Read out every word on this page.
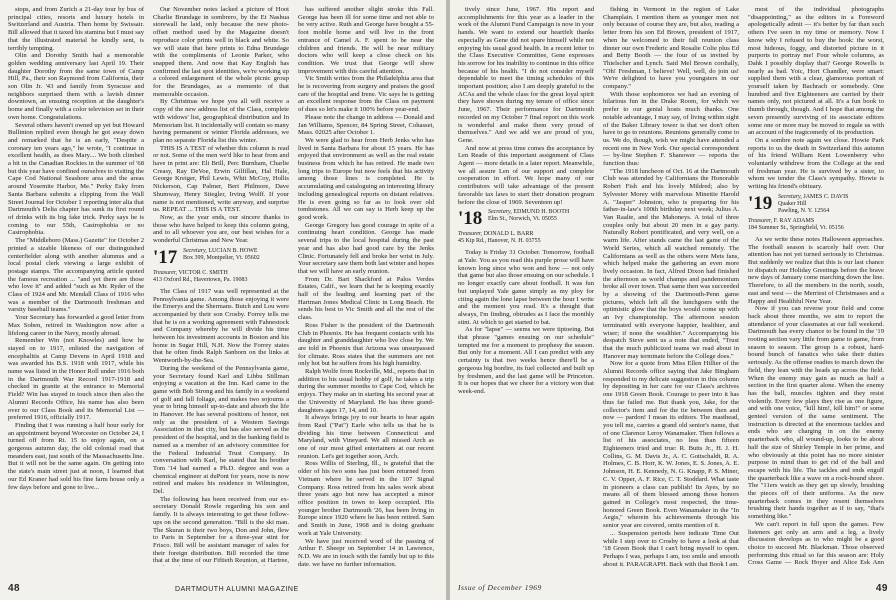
stops, and from Zurich a 21-day tour by bus of principal cities, resorts and luxury hotels in Switzerland and Austria. Then home by Swissair. Bill allowed that it taxed his stamina but I must say that the illustrated material he kindly sent, is terribly tempting.

Olin and Dorothy Smith had a memorable golden wedding anniversary last April 19. Their daughter Dorothy from the same town of Camp Hill, Pa., their son Raymond from California, their son Olin Jr. '43 and family from Syracuse and neighbors surprised them with a lavish dinner downtown, an ensuing reception at the daughter's home and finally with a color television set in their own home. Congratulations.

Several others haven't owned up yet but Howard Bullinton replied even though he got away down and remarked that he is an early, "Despite a coronary ten years ago," he wrote, "I continue in excellent health, as does Mary.... We both climbed a bit in the Canadian Rockies in the summer of '68 but this year have confined ourselves to visiting the Cape Cod National Seashore area and the areas around Yosemite Harbor, Me." Perky Esky from Santa Barbara submits a clipping from the Wall Street Journal for October 1 reporting inter alia that Dartmouth's Delta chapter has sunk its first round of drinks with its big fake trick. Perky says he is coming to our 55th, Castrophobia or no Castrophobia.

The "Middleboro (Mass.) Gazette" for October 2 printed a sizable likeness of our distinguished centerfielder along with another alumnus and a local postal clerk viewing a large exhibit of postage stamps. The accompanying article quoted the famous recreation ... "and yet there are those who love it" and added "such as Mr. Ryder of the Class of 1924 and Mr. Mendall Class of 1916 who was a member of the Dartmouth freshman and varsity baseball teams."

Your Secretary has forwarded a good letter from Max Soben, retired in Washington now after a lifelong career in the Navy, mostly abroad.

Remember Win (not Knowles) and how he stayed on to 1917, enlisted the navigation of encephalitis at Camp Devens in April 1918 and was awarded his B.S. 1918 with 1917, while his name was listed in the Honor Roll under 1916 both in the Dartmouth War Record 1917-1918 and checked in granite at the entrance to Memorial Field? Win has stayed in touch since then also the Alumni Records Office, his name has also been over to our Class Book and its Memorial List — preferred 1916, officially 1917.

Finding that I was running a half hour early for an appointment beyond Worcester on October 24, I turned off from Rt. 15 to enjoy again, on a gorgeous autumn day, the old colonial road that meanders east, just south of the Massachusetts line. But it will not be the same again. On getting into the state's main street just at noon, I learned that our Ed Kraner had sold his fine farm house only a few days before and gone to live...

Our November notes lacked a picture of Hoot Charlie Brundage in sombrero, by the Et Nashua storewall he laid, only because the new photo-offset method used by the Magazine doesn't reproduce color prints well in black and white. So we will state that here prints to Edna Brundage with the compliments of Leonie Parker, who snapped them. And now that Kay English has confirmed the last spot identities, we're working up a colored enlargement of the whole picnic group for the Brundages, as a memento of that memorable occasion.

By Christmas we hope you all will receive a copy of the new address list of the Class, complete with widows' list, geographical distribution and In Memoriam list. It incidentally will contain so many having permanent or winter Florida addresses, we plan no separate Florida list this winter.

THIS IS A TEST of whether this column is read or not. Some of the men we'd like to hear from and have in print are: Eli Brill, Perc Burnham, Charlie Creasy, Ray DeVoe, Erwin Gilfillan, Hal Hale, George Kreiger, Phil Lewis, Whit McCoy, Hollis Nickerson, Cap Palmer, Bert Philmore, Dave Shumway, Henry Stiegler, Irving Wolff. If your name is not mentioned, write anyway, and surprise us. REPEAT ... THIS IS A TEST.

Now, as the year ends, our sincere thanks to those who have helped to keep this column going, and to all whoever you are, our best wishes for a wonderful Christmas and New Year.

'17 Secretary, LUCIAN B. HOWE
Box 399, Montpelier, Vt. 05602
Treasurer, VICTOR C. SMITH
413 Oxford Rd., Havertown, Pa. 19083

The Class of 1917 was well represented at the Pennsylvania game. Among those enjoying it were the Emerys and the Shermans. Butch and Lou were accompanied by their son Crosby. Forrey tells me that he is on a working agreement with Fahnestock and Company whereby he will divide his time between his investment accounts in Boston and his home in Sugar Hill, N.H. Now the Forrey states that he often finds Ralph Sanborn on the links at Wentworth-by-the-Sea.

During the weekend of the Pennsylvania game, your Secretary found Karl and Libbu Stillman enjoying a vacation at the Inn. Karl came to the game with Bob Strong and his family in a weekend of golf and fall foliage, and makes two sojourns a year to bring himself up-to-date and absorb the life in Hanover. He has several positions of honor, not only as the president of a Western Savings Association in that city, but has also served as the president of the hospital, and in the banking field is named as a member of an advisory committee for the Federal Industrial Trust Company. In conversation with Karl, he stated that his brother Tom '14 had earned a Ph.D. degree and was a chemical engineer at duPont for years, now is now retired and makes his residence in Wilmington, Del.

The following has been received from our ex-secretary Donald Rowle regarding his son and family. It is always interesting to get these follow-ups on the second generation. "Bill is the ski man. The Skuran is their two boys, Don and John, flew to Paris in September for a three-year stint for Frisco. Bill will be assistant manager of sales for their foreign distribution. Bill recorded the time that at the time of our Fiftieth Reunion, at Hartree,

has suffered another slight stroke this Fall. George has been ill for some time and not able to be very active. Ruth and George have bought a 55-foot mobile home and will live in the front entrance of Camel A. F. spent to be near the children and friends. He will be near military doctors who will keep a close check on his condition. We trust that George will show improvement with this careful attention.

Vic Smith writes from the Philadelphia area that he is recovering from surgery and praises the good care of the hospital and Irene. Vic says he is getting an excellent response from the Class on payment of dues so let's make it 100% before year-end.

Please note the change in address — Donald and Jan Williams, Spencer, 84 Spring Street, Cohasset, Mass. 02025 after October 1.

We were glad to hear from Herb Jenks who has lived in Santa Barbara for about 15 years. He has enjoyed that environment as well as the real estate business from which he has retired. He made two long trips to Europe but now feels that his activity among those lines is completed. He is accumulating and cataloguing an interesting library including genealogical reports on distant relatives. He is even going so far as to look over old tombstones. All we can say is Herb keep up the good work.

George Gregory has good courage in spite of a continuing heart condition. George has made several trips to the local hospital during the past year and has also had good care by the Jenks Clinic. Fortunately fell and broke her wrist in July. Your secretary saw them both last winter and hopes that we will have an early reunion.

From Dr. Bart Shackford at Palos Verdes Estates, Calif., we learn that he is keeping exactly half of the leading and learning part of the Hartman Jones Medical Clinic in Long Beach. He sends his best to Vic Smith and all the rest of the class.

Ross Fisher is the president of the Dartmouth Club in Phoenix. He has frequent contacts with his daughter and granddaughter who live close by. We are told in Phoenix that Arizona was unsurpassed for climate. Ross states that the summers are not only hot but he suffers from his high humidity.

Ralph Wolfe from Rockville, Md., reports that in addition to his usual hobby of golf, he takes a trip during the summer months to Cape Cod, which he enjoys. They make an in starting his second year at the University of Maryland. He has three grand-daughters ages 17, 14, and 10.

It always brings joy to our hearts to hear again from Raul ("Pat") Earle who tells us that he is dividing his time between Connecticut and Maryland, with Vineyard. We all missed Arch as one of our most gifted entertainers at our recent reunion. Let's get together soon, Arch.

Ross Willis of Sterling, Ill., is grateful that the older of his two sons has just been returned from Vietnam where he served in the 107 Signal Company. Ross retired from his sales work about three years ago but now has accepted a minor office position in town to keep occupied. His younger brother Dartmouth '26, has been living in Europe since 1920 where he has been retired. Sam and Smith in June, 1968 and is doing graduate work at Yale University.

We have just received word of the passing of Arthur F. Sheepr on September 14 in Lawrence, N.D. We are in touch with the family but up to this date, we have no further information.

48	DARTMOUTH ALUMNI MAGAZINE

tively since June, 1967. His report and accomplishments for this year as a leader in the work of the Alumni Fund Campaign is now in your hands. We want to extend our heartfelt thanks especially as Gene did not spare himself while not enjoying his usual good health. In a recent letter to the Class Executive Committee, Gene expresses his sorrow for his inability to continue in this office because of his health. "I do not consider myself dependable to meet the timing schedules of this important position; also I am deeply grateful to the ACAs and the whole class for the great loyal spirit they have shown during my tenure of office since June, 1967. Their performance for Dartmouth recorded on my October 7 final report on this work is wonderful and make them very proud of themselves." And we add we are proud of you, Gene.

And now at press time comes the acceptance by Len Reade of this important assignment of Class Agent — more details in a later report. Meanwhile, we all assure Len of our support and complete cooperation in effort. We hope many of our contributors will take advantage of the present favorable tax laws to start their donation program before the close of 1969. Seventeen up!

'18 Secretary, EDMUND H. BOOTH
Elm St., Norwich, Vt. 05055
Treasurer, DONALD L. BARR
45 Kip Rd., Hanover, N. H. 03755

Today is Friday 31 October. Tomorrow, football at Yale. You as you read this purple prose will have known long since who won and how — not only that game but also those ensuing on our schedule. I no longer exactly care about football. It was fun but unplayed Yale game simply as my ploy for citing again the lone lapse between the hour I write and the moment you read. It's a thought that always, I'm finding, obtrudes as I face the monthly stint. At which to get started to bat.

As for "lapse" — seems we were tiptoeing. But that phrase "games ensuing on our schedule" tempted me for a moment to prophesy the season. But only for a moment. All I can predict with any certainty is that two weeks hence there'll be a gorgeous big bonfire, its fuel collected and built up by freshmen, and the last game will be Princeton. It is our hopes that we cheer for a victory won that week-end.

fishing in Vermont in the region of Lake Champlain. I mention them as younger men not only because of course they are, but also, reading a letter from his son Ed Brown, president of 1917, when he welcomed to their fall reunion class dinner our own Frederic and Rosalie Colie plus Ed and Betty Booth — the four of us invited by Thielscher and Lynch. Said Mel Brown cordially, "Oh! Freshman, I believe! Well, well, do join us! We're delighted to have you youngsters in our company."

With those sophomores we had an evening of hilarious fun in the Drake Room, for which we prefer to our genial hosts much thanks. One notable advantage, I may say, of living within sight of the Baker Library tower is that we don't often have to go to reunions. Reunions generally come to us. We do, though, wish we might have attended a recent one in New York. Our special correspondent — by-line Stephen F. Shanower — reports the function thus:

"The 1918 luncheon of Oct. 16 at the Dartmouth Club was attended by Californians the Honorable Robert Fish and his lovely Mildred; also by Sylvester Morey with marvelous Minettie Harold A. "Jasper" Johnston, who is preparing for his father-in-law's 100th birthday next week; Julius A. Van Raalte, and the Mahoneys. A total of three couples only but about 20 men in a gay party. Naturally Robert pontificated, and very well, on a warm life. After stands came the last game of the World Series, which all watched remotely. The Californians as well as the others were Mets fans, which helped make the gathering an even more lively occasion. In fact, Alfred Dixon had finished the afternoon as world champs and pandemonium broke all over town. That same then was succeeded by a showing of the Dartmouth-Penn game pictures, which left all the lunchgoers with the optimistic glow that the boys would come up with an Ivy championship. The afternoon session terminated with everyone happier, healthier, and wiser; if none the wealthier." Accompanying his despatch Steve sent us a note that ended, "Trust that the much publicized teams we read about in Hanover may terminate before the College does."

Now for a quote from Miss Ellen Hillier of the Alumni Records office saying that Jake Bingham responded to my delicate suggestion in this column by depositing in her care for our Class's archives one 1918 Green Book. Courage to peer into it has thus far failed me. But thank you, Jake, for the collector's item and for the tie between then and now — pardon! I mean its editors. The masthead, you tell me, carries a grand old senior's name, that of one Clarence Leroy Wanamaker. Then follows a list of his associates, no less than fifteen Eighteeners tried and true: R. Butts Jr., H. J. H. Collins, G. M. Davis Jr., A. C. Gottschaldt, R. A. Holmes, C. B. Horr, K. W. Jones, E. S. Jones, A. E. Johnson, H. E. Kennedy, N. G. Knapp, P. S. Miner, C. V. Opper, A. F. Rice, C. T. Stoddard. What taste in pioneers a class can publish! Its Ayes, by no means all of them blessed among those honors gained in College's most respected, the time-honored Green Book. Even Wanamaker in the "In Aegis," wherein his achievements through his senior year are covered, omits mention of it.

... Suspension periods here indicate Time Out while I step over to Crosby to have a look at that '18 Green Book that I can't bring myself to open. Perhaps I was, perhaps I am, too smile and smooth about it. PARAGRAPH. Back with that Book I am,

most of the individual photographs "disappointing," as the editors in a Foreword apologetically admit — it's better by far than such others I've seen in my time or memory. Now I know why I refused to buy the book: the worst, most hideous, foggy, and distorted picture in it purports to portray me! Four whole columns, as Dahk I possibly display that? George Rowells is nearly as bad. Yoic, Hort Chandler, were smart: supplied them with a clear, glamorous portrait of yourself taken by Bachrach or somebody. One hundred and five Eighteeners are carried by their names only, not pictured at all. It's a fun book to thumb through, though. And I hope that among the seven presently surviving of its associate editors some one or more may be moved to regale us with an account of the tragicomedy of its production.

On a sombre note again we close. Howie Park reports to us the death in Switzerland this autumn of his friend William Kent Lowenberry who voluntarily withdrew from the College at the end of freshman year. He is survived by a sister, to whom we tender the Class's sympathy. Howie is writing his friend's obituary.

'19 Secretary, JAMES C. DAVIS
Quaker Hill
Pawling, N. Y. 12564
Treasurer, F. RAY ADAMS
184 Summer St., Springfield, Vt. 05156

As we write these notes Halloween approaches. The football season is scarcely half over. Our attention has not yet turned seriously to Christmas. But suddenly we realize that this is our last chance to dispatch our Holiday Greetings before the brave new days of January come marching down the line. Therefore, to all the members in the north, south, east and west — the Merriest of Christmases and a Happy and Healthful New Year.

Now if you can reverse your field and come back about three months, we aim to report the attendance of your classmates at our fall weekend. Dartmouth has every chance to be found in the '19 rooting section vary little from game to game, from season to season. The group is a robust, hard-bound bunch of fanatics who take their duties seriously. As the offense readies to march down the field, they lean with the heads up across the field. When the enemy may gain as much as half a section in the first quarter alone. When the enemy has the ball, muscles tighten and they resist violently. Every few plays they rise as one figure, and with one voice, "kill him!, kill him!" or some genteel version of the same sentiment. The instruction is directed at the enormous tackles and ends who are charging in on the enemy quarterback who, all wound-up, looks to be about half the size of Shirley Temple in her prime, and who obviously at this point has no more sinister purpose in mind than to get rid of the ball and escape with his life. The tackles and ends engulf the quarterback like a wave on a rock-bound shore. The "11ers watch as they get up slowly, brushing the pieces off of their uniforms. As the new quarterback comes in they resent themselves brushing their hands together as if to say, "that's something like."

We can't report in full upon the games. Few listeners get only an arm and a leg, a lively discussion develops as to who might be a good choice to succeed Mr. Blackman. Those observed performing this ritual so far this season are: Holy Cross Game — Rock Hoyer and Alice Esk Ann

Issue of December 1969	49
